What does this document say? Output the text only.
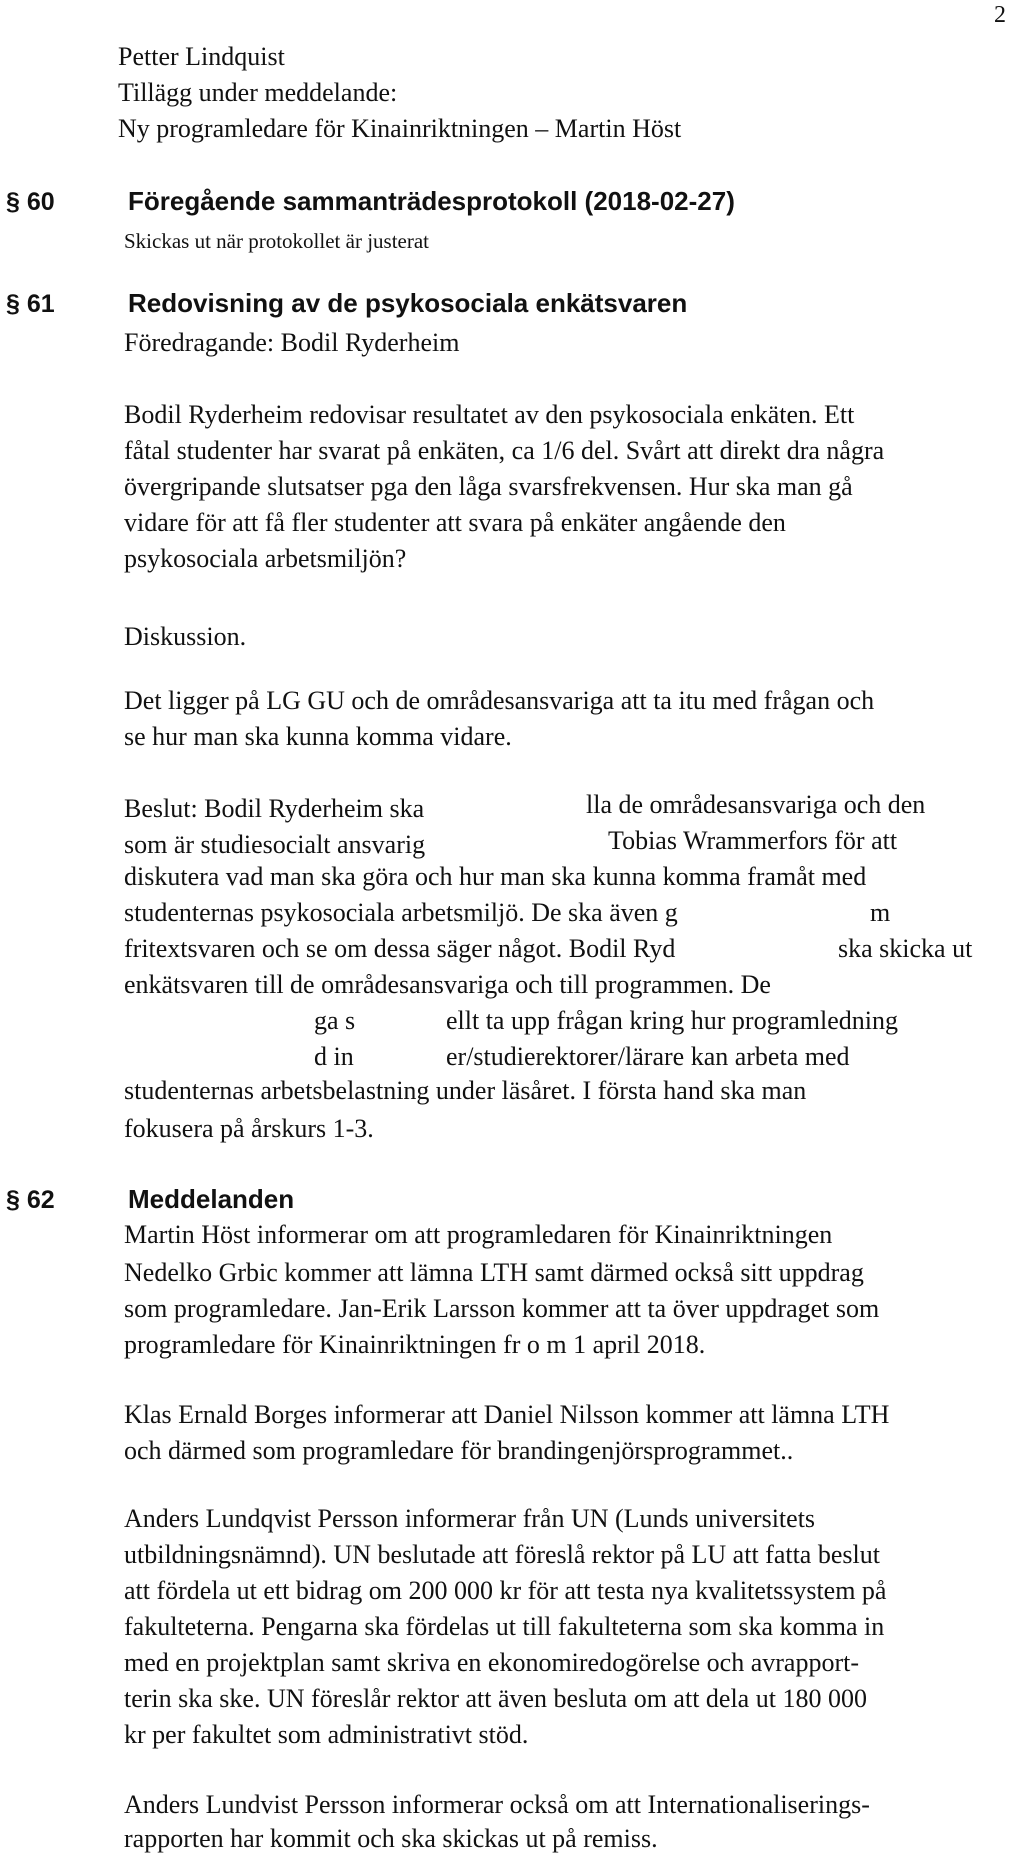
2
Petter Lindquist
Tillägg under meddelande:
Ny programledare för Kinainriktningen – Martin Höst
§ 60	Föregående sammanträdesprotokoll (2018-02-27)
Skickas ut när protokollet är justerat
§ 61	Redovisning av de psykosociala enkätsvaren
Föredragande: Bodil Ryderheim
Bodil Ryderheim redovisar resultatet av den psykosociala enkäten. Ett
fåtal studenter har svarat på enkäten, ca 1/6 del. Svårt att direkt dra några
övergripande slutsatser pga den låga svarsfrekvensen. Hur ska man gå
vidare för att få fler studenter att svara på enkäter angående den
psykosociala arbetsmiljön?
Diskussion.
Det ligger på LG GU och de områdesansvariga att ta itu med frågan och
se hur man ska kunna komma vidare.
Beslut: Bodil Ryderheim ska	lla de områdesansvariga och den
som är studiesocialt ansvarig	Tobias Wrammerfors för att
diskutera vad man ska göra och hur man ska kunna komma framåt med
studenternas psykosociala arbetsmiljö. De ska även g	m
fritextsvaren och se om dessa säger något. Bodil Ryd	ska skicka ut
enkätsvaren till de områdesansvariga och till programmen. De
ga s	ellt ta upp frågan kring hur programledning
d in	er/studierektorer/lärare kan arbeta med
studenternas arbetsbelastning under läsåret. I första hand ska man
fokusera på årskurs 1-3.
§ 62	Meddelanden
Martin Höst informerar om att programledaren för Kinainriktningen
Nedelko Grbic kommer att lämna LTH samt därmed också sitt uppdrag
som programledare. Jan-Erik Larsson kommer att ta över uppdraget som
programledare för Kinainriktningen fr o m 1 april 2018.
Klas Ernald Borges informerar att Daniel Nilsson kommer att lämna LTH
och därmed som programledare för brandingenjörsprogrammet..
Anders Lundqvist Persson informerar från UN (Lunds universitets
utbildningsnämnd). UN beslutade att föreslå rektor på LU att fatta beslut
att fördela ut ett bidrag om 200 000 kr för att testa nya kvalitetssystem på
fakulteterna. Pengarna ska fördelas ut till fakulteterna som ska komma in
med en projektplan samt skriva en ekonomiredogörelse och avrapport-
terin ska ske. UN föreslår rektor att även besluta om att dela ut 180 000
kr per fakultet som administrativt stöd.
Anders Lundvist Persson informerar också om att Internationaliserings-
rapporten har kommit och ska skickas ut på remiss.
